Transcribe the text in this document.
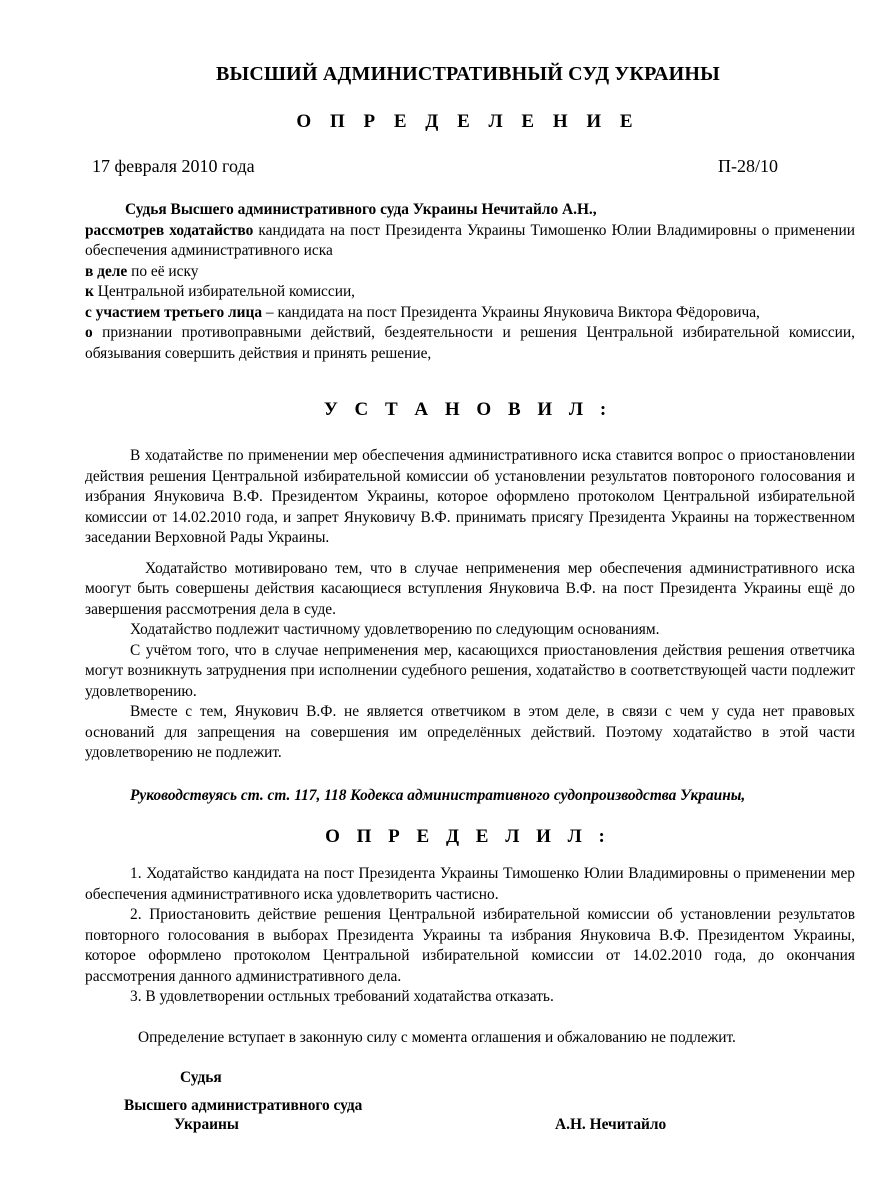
ВЫСШИЙ АДМИНИСТРАТИВНЫЙ СУД УКРАИНЫ
О П Р Е Д Е Л Е Н И Е
17 февраля 2010 года	П-28/10

Судья Высшего административного суда Украины Нечитайло А.Н.,

рассмотрев ходатайство кандидата на пост Президента Украины Тимошенко Юлии Владимировны о применении обеспечения административного иска

в деле по её иску

к Центральной избирательной комиссии,

с участием третьего лица – кандидата на пост Президента Украины Януковича Виктора Фёдоровича,

о признании противоправными действий, бездеятельности и решения Центральной избирательной комиссии, обязывания совершить действия и принять решение,

У С Т А Н О В И Л :

В ходатайстве по применении мер обеспечения административного иска ставится вопрос о приостановлении действия решения Центральной избирательной комиссии об установлении результатов повтороного голосования и избрания Януковича В.Ф. Президентом Украины, которое оформлено протоколом Центральной избирательной комиссии от 14.02.2010 года, и запрет Януковичу В.Ф. принимать присягу Президента Украины на торжественном заседании Верховной Рады Украины.

Ходатайство мотивировано тем, что в случае неприменения мер обеспечения административного иска моогут быть совершены действия касающиеся вступления Януковича В.Ф. на пост Президента Украины ещё до завершения рассмотрения дела в суде.

Ходатайство подлежит частичному удовлетворению по следующим основаниям.

С учётом того, что в случае неприменения мер, касающихся приостановления действия решения ответчика могут возникнуть затруднения при исполнении судебного решения, ходатайство в соответствующей части подлежит удовлетворению.

Вместе с тем, Янукович В.Ф. не является ответчиком в этом деле, в связи с чем у суда нет правовых оснований для запрещения на совершения им определённых действий. Поэтому ходатайство в этой части удовлетворению не подлежит.

Руководствуясь ст. ст. 117, 118 Кодекса административного судопроизводства Украины,

О П Р Е Д Е Л И Л :

1. Ходатайство кандидата на пост Президента Украины Тимошенко Юлии Владимировны о применении мер обеспечения административного иска удовлетворить частисно.

2. Приостановить действие решения Центральной избирательной комиссии об установлении результатов повторного голосования в выборах Президента Украины та избрания Януковича В.Ф. Президентом Украины, которое оформлено протоколом Центральной избирательной комиссии от 14.02.2010 года, до окончания рассмотрения данного административного дела.

3. В удовлетворении остльных требований ходатайства отказать.

Определение вступает в законную силу с момента оглашения и обжалованию не подлежит.
Судья
Высшего административного суда
Украины	А.Н. Нечитайло
